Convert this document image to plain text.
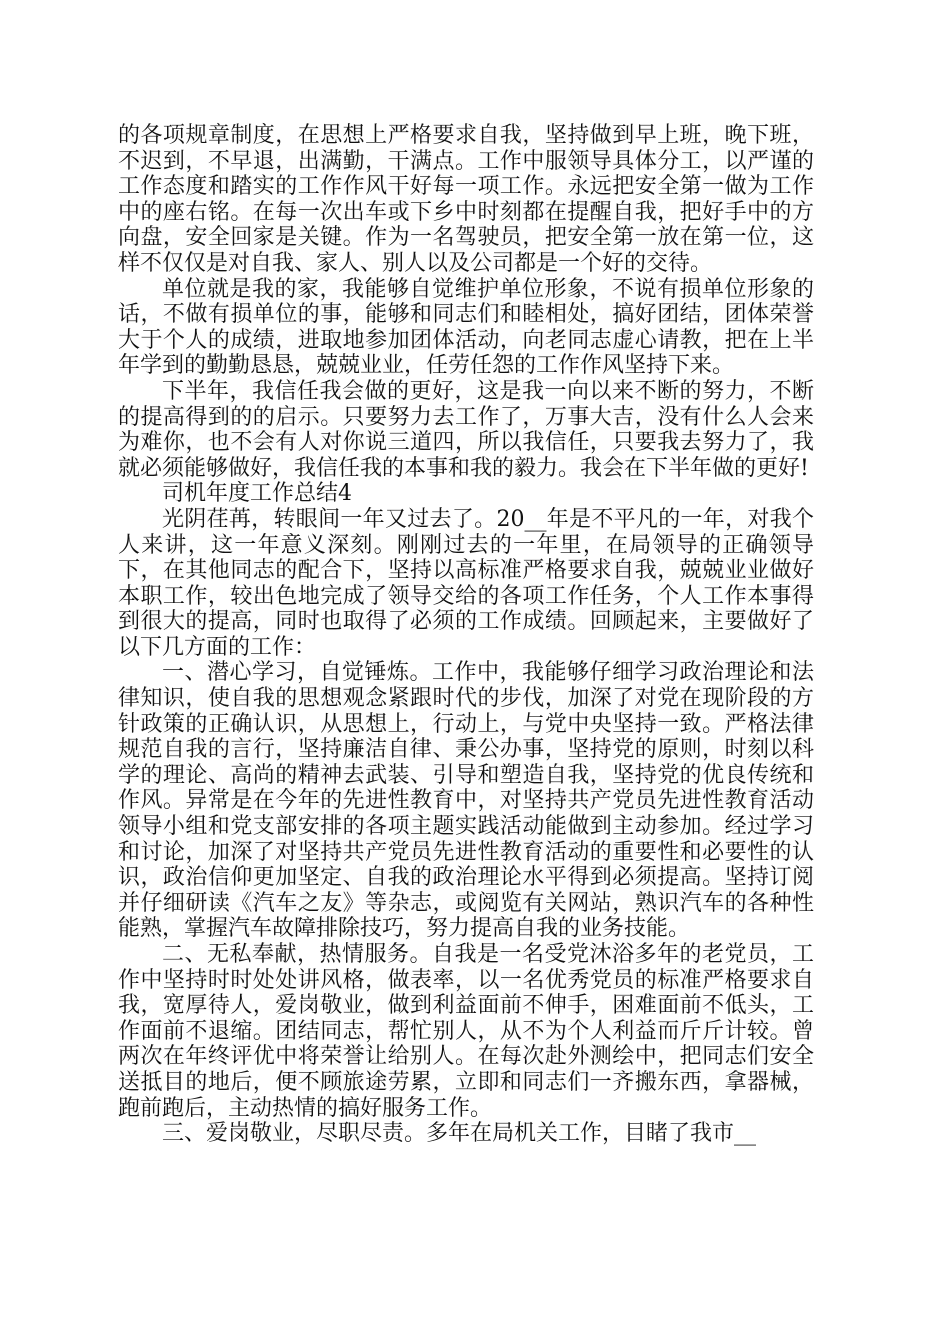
的各项规章制度，在思想上严格要求自我，坚持做到早上班，晚下班，不迟到，不早退，出满勤，干满点。工作中服领导具体分工，以严谨的工作态度和踏实的工作作风干好每一项工作。永远把安全第一做为工作中的座右铭。在每一次出车或下乡中时刻都在提醒自我，把好手中的方向盘，安全回家是关键。作为一名驾驶员，把安全第一放在第一位，这样不仅仅是对自我、家人、别人以及公司都是一个好的交待。

单位就是我的家，我能够自觉维护单位形象，不说有损单位形象的话，不做有损单位的事，能够和同志们和睦相处，搞好团结，团体荣誉大于个人的成绩，进取地参加团体活动，向老同志虚心请教，把在上半年学到的勤勤恳恳，兢兢业业，任劳任怨的工作作风坚持下来。

下半年，我信任我会做的更好，这是我一向以来不断的努力，不断的提高得到的的启示。只要努力去工作了，万事大吉，没有什么人会来为难你，也不会有人对你说三道四，所以我信任，只要我去努力了，我就必须能够做好，我信任我的本事和我的毅力。我会在下半年做的更好!

司机年度工作总结4

光阴荏苒，转眼间一年又过去了。20__年是不平凡的一年，对我个人来讲，这一年意义深刻。刚刚过去的一年里，在局领导的正确领导下，在其他同志的配合下，坚持以高标准严格要求自我，兢兢业业做好本职工作，较出色地完成了领导交给的各项工作任务，个人工作本事得到很大的提高，同时也取得了必须的工作成绩。回顾起来，主要做好了以下几方面的工作：

一、潜心学习，自觉锤炼。工作中，我能够仔细学习政治理论和法律知识，使自我的思想观念紧跟时代的步伐，加深了对党在现阶段的方针政策的正确认识，从思想上，行动上，与党中央坚持一致。严格法律规范自我的言行，坚持廉洁自律、秉公办事，坚持党的原则，时刻以科学的理论、高尚的精神去武装、引导和塑造自我，坚持党的优良传统和作风。异常是在今年的先进性教育中，对坚持共产党员先进性教育活动领导小组和党支部安排的各项主题实践活动能做到主动参加。经过学习和讨论，加深了对坚持共产党员先进性教育活动的重要性和必要性的认识，政治信仰更加坚定、自我的政治理论水平得到必须提高。坚持订阅并仔细研读《汽车之友》等杂志，或阅览有关网站，熟识汽车的各种性能熟，掌握汽车故障排除技巧，努力提高自我的业务技能。

二、无私奉献，热情服务。自我是一名受党沐浴多年的老党员，工作中坚持时时处处讲风格，做表率，以一名优秀党员的标准严格要求自我，宽厚待人，爱岗敬业，做到利益面前不伸手，困难面前不低头，工作面前不退缩。团结同志，帮忙别人，从不为个人利益而斤斤计较。曾两次在年终评优中将荣誉让给别人。在每次赴外测绘中，把同志们安全送抵目的地后，便不顾旅途劳累，立即和同志们一齐搬东西，拿器械，跑前跑后，主动热情的搞好服务工作。

三、爱岗敬业，尽职尽责。多年在局机关工作，目睹了我市__
